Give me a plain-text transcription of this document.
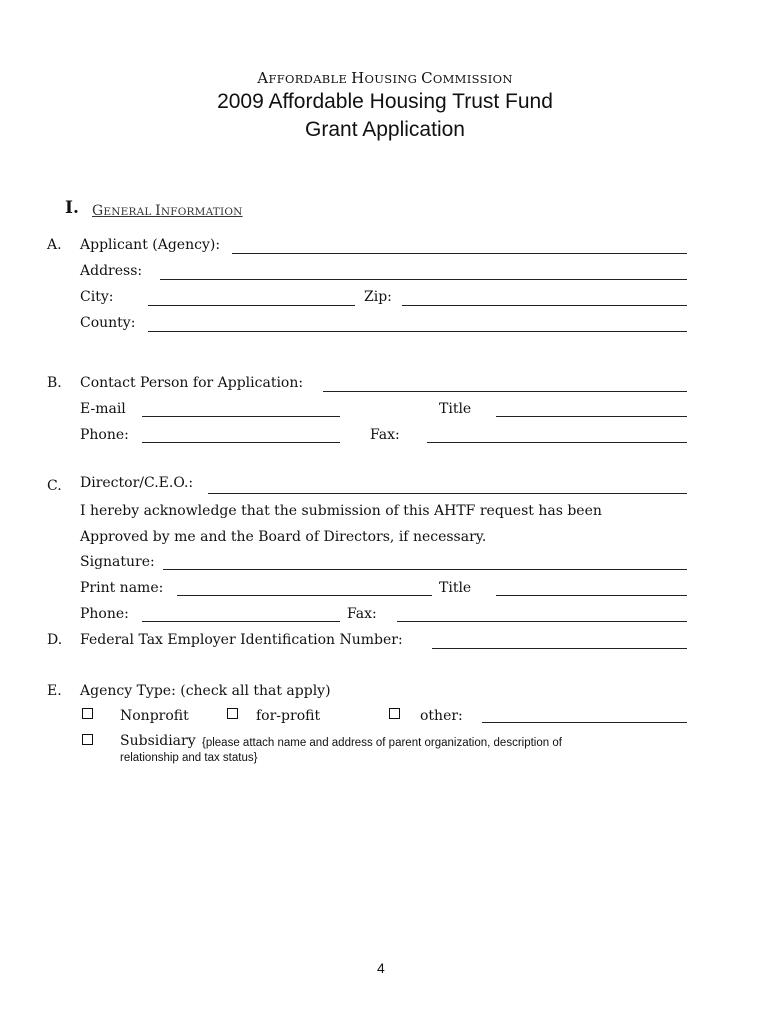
AFFORDABLE HOUSING COMMISSION
2009 Affordable Housing Trust Fund
Grant Application
I. GENERAL INFORMATION
A. Applicant (Agency):
Address:
City:	Zip:
County:
B. Contact Person for Application:
E-mail	Title
Phone:	Fax:
C. Director/C.E.O.:
I hereby acknowledge that the submission of this AHTF request has been
Approved by me and the Board of Directors, if necessary.
Signature:
Print name:	Title
Phone:	Fax:
D. Federal Tax Employer Identification Number:
E. Agency Type: (check all that apply)
Nonprofit	for-profit	other:
Subsidiary {please attach name and address of parent organization, description of
relationship and tax status}
4
